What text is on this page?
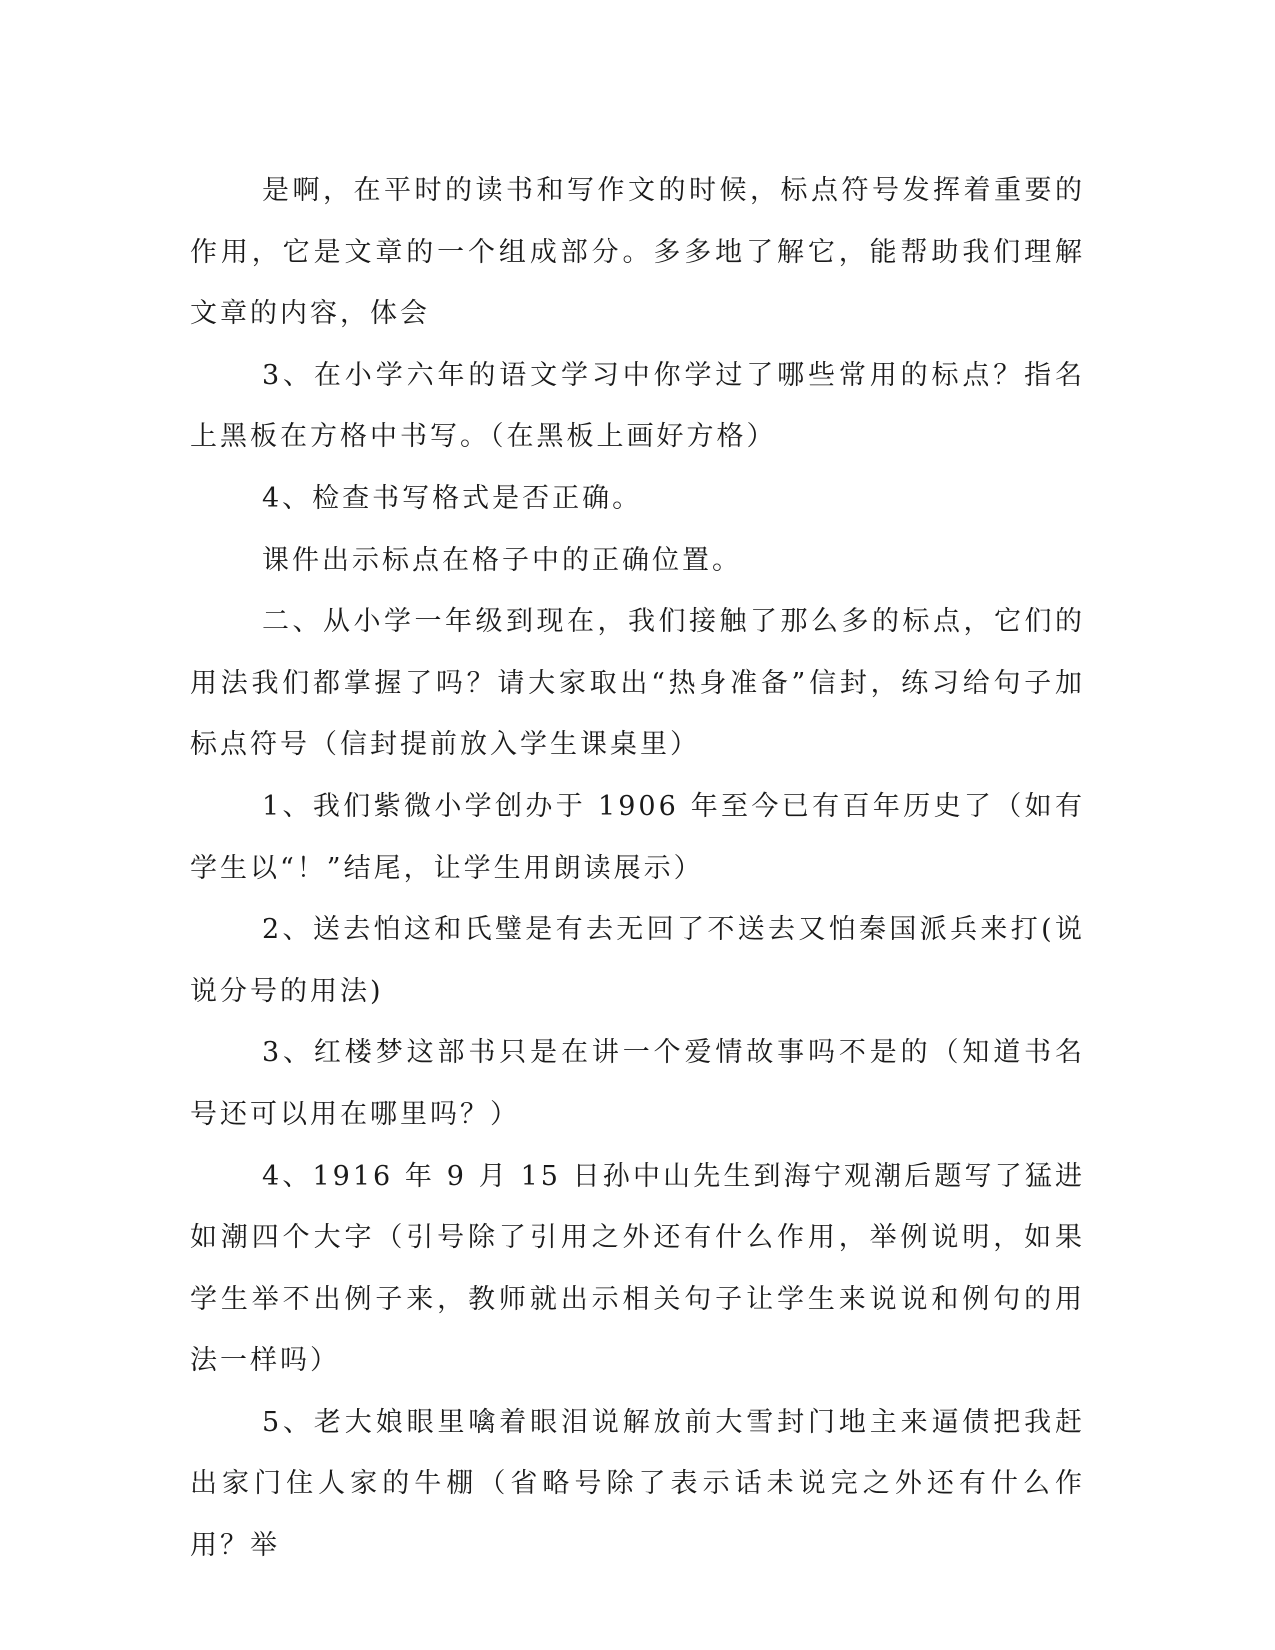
是啊，在平时的读书和写作文的时候，标点符号发挥着重要的作用，它是文章的一个组成部分。多多地了解它，能帮助我们理解文章的内容，体会

3、在小学六年的语文学习中你学过了哪些常用的标点？指名上黑板在方格中书写。（在黑板上画好方格）

4、检查书写格式是否正确。

课件出示标点在格子中的正确位置。

二、从小学一年级到现在，我们接触了那么多的标点，它们的用法我们都掌握了吗？请大家取出“热身准备”信封，练习给句子加标点符号（信封提前放入学生课桌里）

1、我们紫微小学创办于 1906 年至今已有百年历史了（如有学生以“！”结尾，让学生用朗读展示）

2、送去怕这和氏璧是有去无回了不送去又怕秦国派兵来打(说说分号的用法)

3、红楼梦这部书只是在讲一个爱情故事吗不是的（知道书名号还可以用在哪里吗？）

4、1916 年 9 月 15 日孙中山先生到海宁观潮后题写了猛进如潮四个大字（引号除了引用之外还有什么作用，举例说明，如果学生举不出例子来，教师就出示相关句子让学生来说说和例句的用法一样吗）

5、老大娘眼里噙着眼泪说解放前大雪封门地主来逼债把我赶出家门住人家的牛棚（省略号除了表示话未说完之外还有什么作用？举
